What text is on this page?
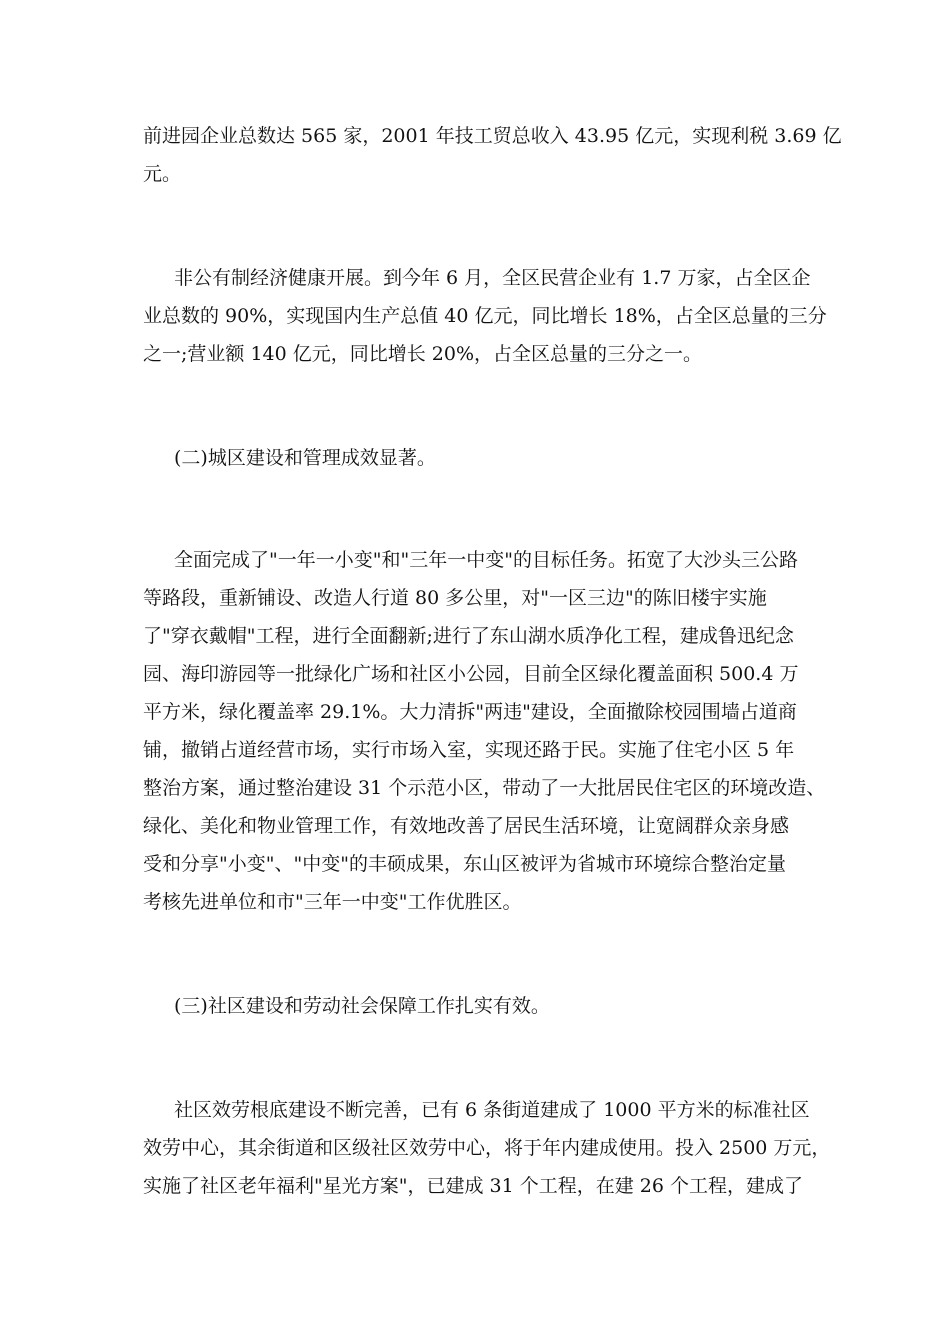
前进园企业总数达 565 家，2001 年技工贸总收入 43.95 亿元，实现利税 3.69 亿
元。
非公有制经济健康开展。到今年 6 月，全区民营企业有 1.7 万家，占全区企
业总数的 90%，实现国内生产总值 40 亿元，同比增长 18%，占全区总量的三分
之一;营业额 140 亿元，同比增长 20%，占全区总量的三分之一。
(二)城区建设和管理成效显著。
全面完成了"一年一小变"和"三年一中变"的目标任务。拓宽了大沙头三公路
等路段，重新铺设、改造人行道 80 多公里，对"一区三边"的陈旧楼宇实施
了"穿衣戴帽"工程，进行全面翻新;进行了东山湖水质净化工程，建成鲁迅纪念
园、海印游园等一批绿化广场和社区小公园，目前全区绿化覆盖面积 500.4 万
平方米，绿化覆盖率 29.1%。大力清拆"两违"建设，全面撤除校园围墙占道商
铺，撤销占道经营市场，实行市场入室，实现还路于民。实施了住宅小区 5 年
整治方案，通过整治建设 31 个示范小区，带动了一大批居民住宅区的环境改造、
绿化、美化和物业管理工作，有效地改善了居民生活环境，让宽阔群众亲身感
受和分享"小变"、"中变"的丰硕成果，东山区被评为省城市环境综合整治定量
考核先进单位和市"三年一中变"工作优胜区。
(三)社区建设和劳动社会保障工作扎实有效。
社区效劳根底建设不断完善，已有 6 条街道建成了 1000 平方米的标准社区
效劳中心，其余街道和区级社区效劳中心，将于年内建成使用。投入 2500 万元，
实施了社区老年福利"星光方案"，已建成 31 个工程，在建 26 个工程，建成了
